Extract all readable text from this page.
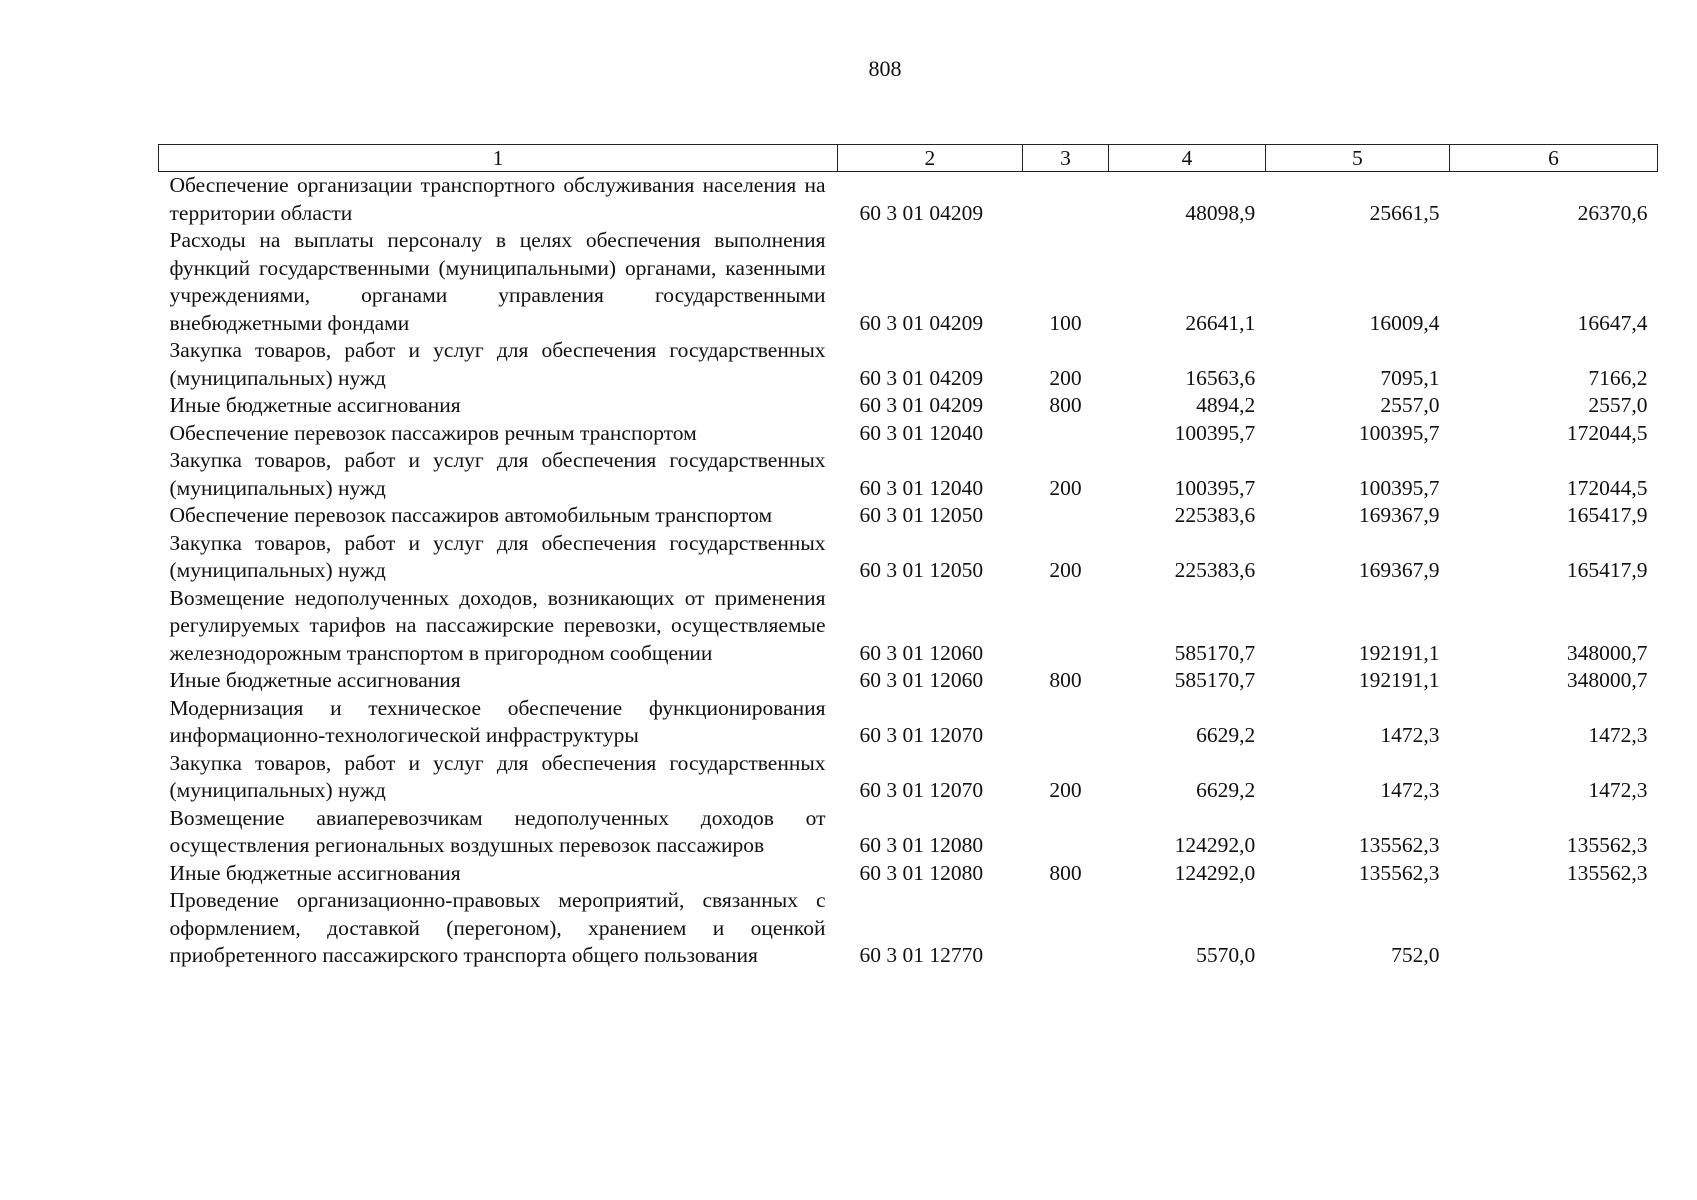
808
1	2	3	4	5	6
Обеспечение организации транспортного обслуживания населения на территории области	60 3 01 04209		48098,9	25661,5	26370,6
Расходы на выплаты персоналу в целях обеспечения выполнения функций государственными (муниципальными) органами, казенными учреждениями, органами управления государственными внебюджетными фондами	60 3 01 04209	100	26641,1	16009,4	16647,4
Закупка товаров, работ и услуг для обеспечения государственных (муниципальных) нужд	60 3 01 04209	200	16563,6	7095,1	7166,2
Иные бюджетные ассигнования	60 3 01 04209	800	4894,2	2557,0	2557,0
Обеспечение перевозок пассажиров речным транспортом	60 3 01 12040		100395,7	100395,7	172044,5
Закупка товаров, работ и услуг для обеспечения государственных (муниципальных) нужд	60 3 01 12040	200	100395,7	100395,7	172044,5
Обеспечение перевозок пассажиров автомобильным транспортом	60 3 01 12050		225383,6	169367,9	165417,9
Закупка товаров, работ и услуг для обеспечения государственных (муниципальных) нужд	60 3 01 12050	200	225383,6	169367,9	165417,9
Возмещение недополученных доходов, возникающих от применения регулируемых тарифов на пассажирские перевозки, осуществляемые железнодорожным транспортом в пригородном сообщении	60 3 01 12060		585170,7	192191,1	348000,7
Иные бюджетные ассигнования	60 3 01 12060	800	585170,7	192191,1	348000,7
Модернизация и техническое обеспечение функционирования информационно-технологической инфраструктуры	60 3 01 12070		6629,2	1472,3	1472,3
Закупка товаров, работ и услуг для обеспечения государственных (муниципальных) нужд	60 3 01 12070	200	6629,2	1472,3	1472,3
Возмещение авиаперевозчикам недополученных доходов от осуществления региональных воздушных перевозок пассажиров	60 3 01 12080		124292,0	135562,3	135562,3
Иные бюджетные ассигнования	60 3 01 12080	800	124292,0	135562,3	135562,3
Проведение организационно-правовых мероприятий, связанных с оформлением, доставкой (перегоном), хранением и оценкой приобретенного пассажирского транспорта общего пользования	60 3 01 12770		5570,0	752,0	
